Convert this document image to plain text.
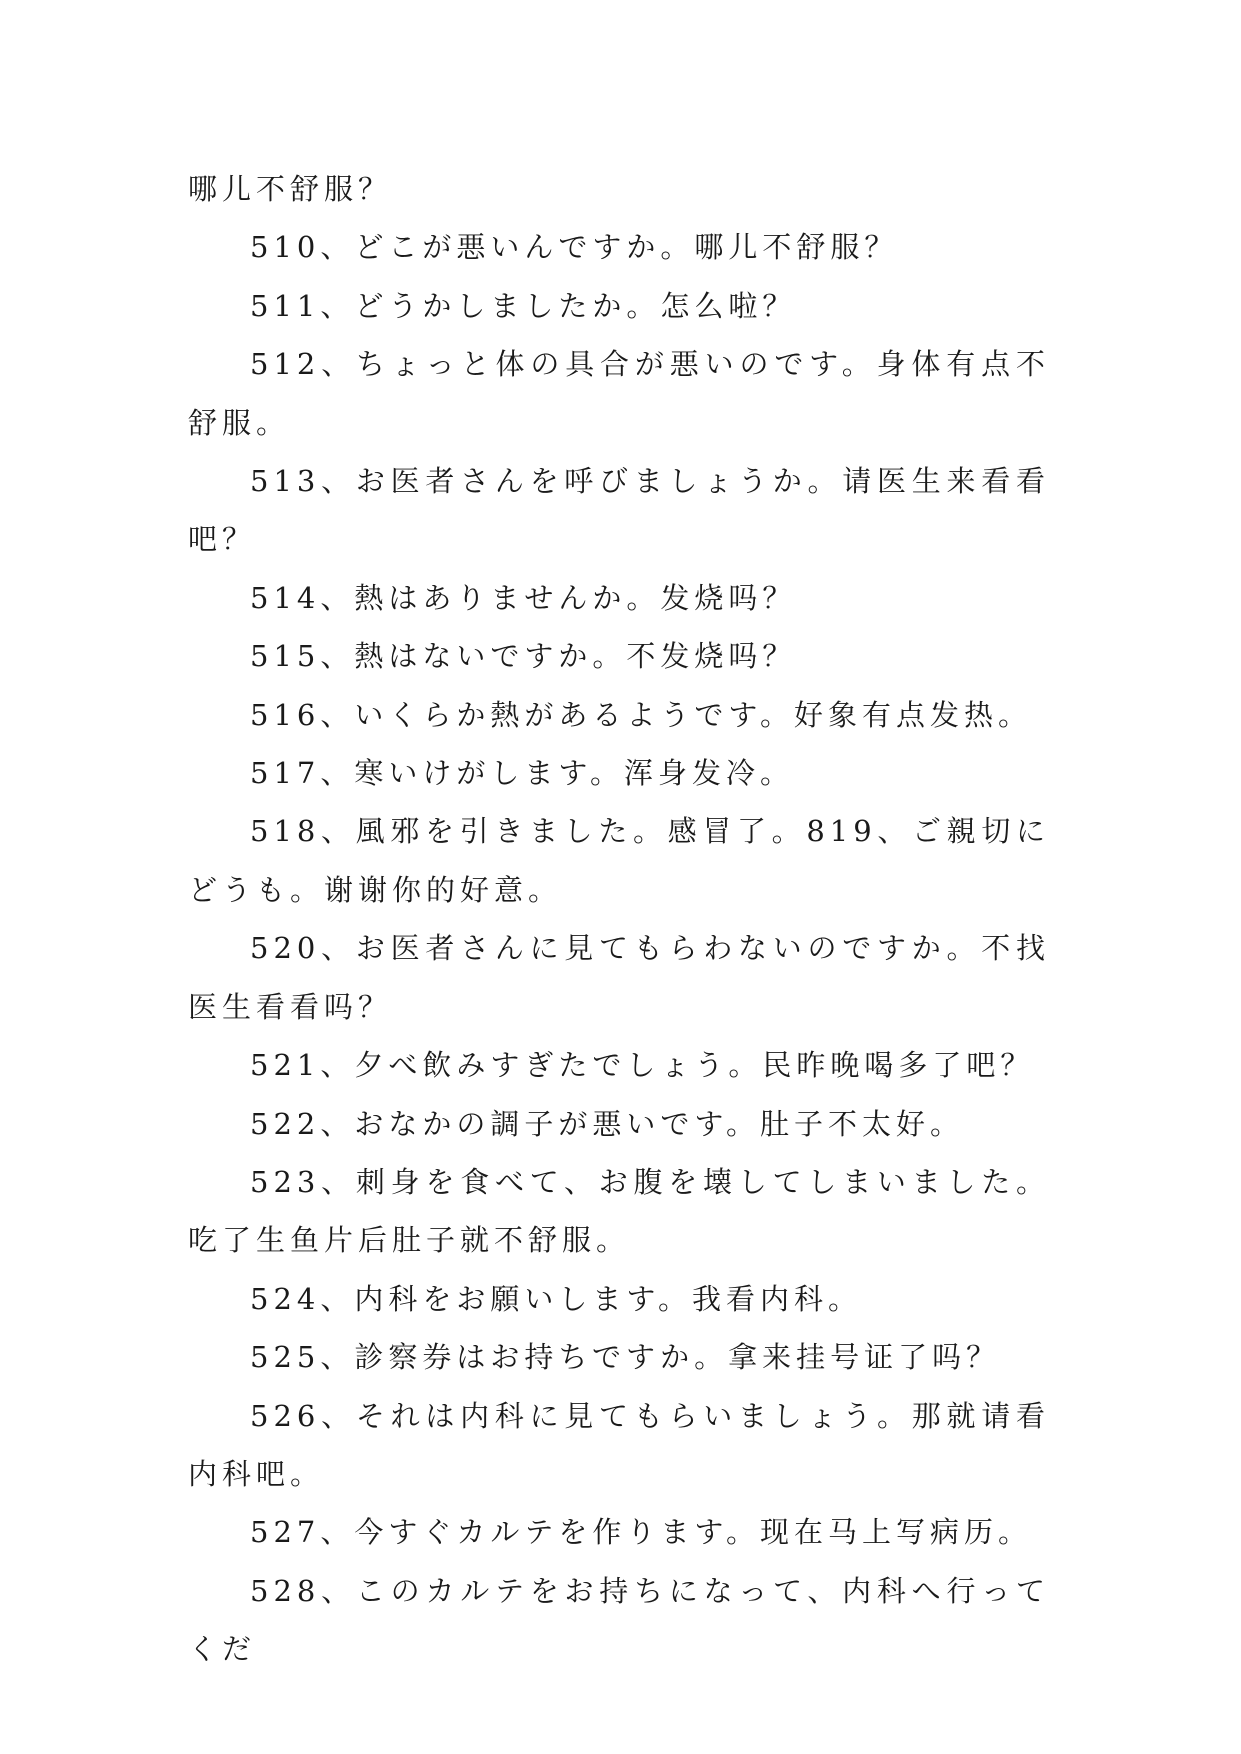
哪儿不舒服？

510、どこが悪いんですか。哪儿不舒服？

511、どうかしましたか。怎么啦？

512、ちょっと体の具合が悪いのです。身体有点不舒服。

513、お医者さんを呼びましょうか。请医生来看看吧？

514、熱はありませんか。发烧吗？

515、熱はないですか。不发烧吗？

516、いくらか熱があるようです。好象有点发热。

517、寒いけがします。浑身发冷。

518、風邪を引きました。感冒了。819、ご親切にどうも。谢谢你的好意。

520、お医者さんに見てもらわないのですか。不找医生看看吗？

521、夕べ飲みすぎたでしょう。民昨晚喝多了吧？

522、おなかの調子が悪いです。肚子不太好。

523、刺身を食べて、お腹を壊してしまいました。吃了生鱼片后肚子就不舒服。

524、内科をお願いします。我看内科。

525、診察券はお持ちですか。拿来挂号证了吗？

526、それは内科に見てもらいましょう。那就请看内科吧。

527、今すぐカルテを作ります。现在马上写病历。

528、このカルテをお持ちになって、内科へ行ってくだ
